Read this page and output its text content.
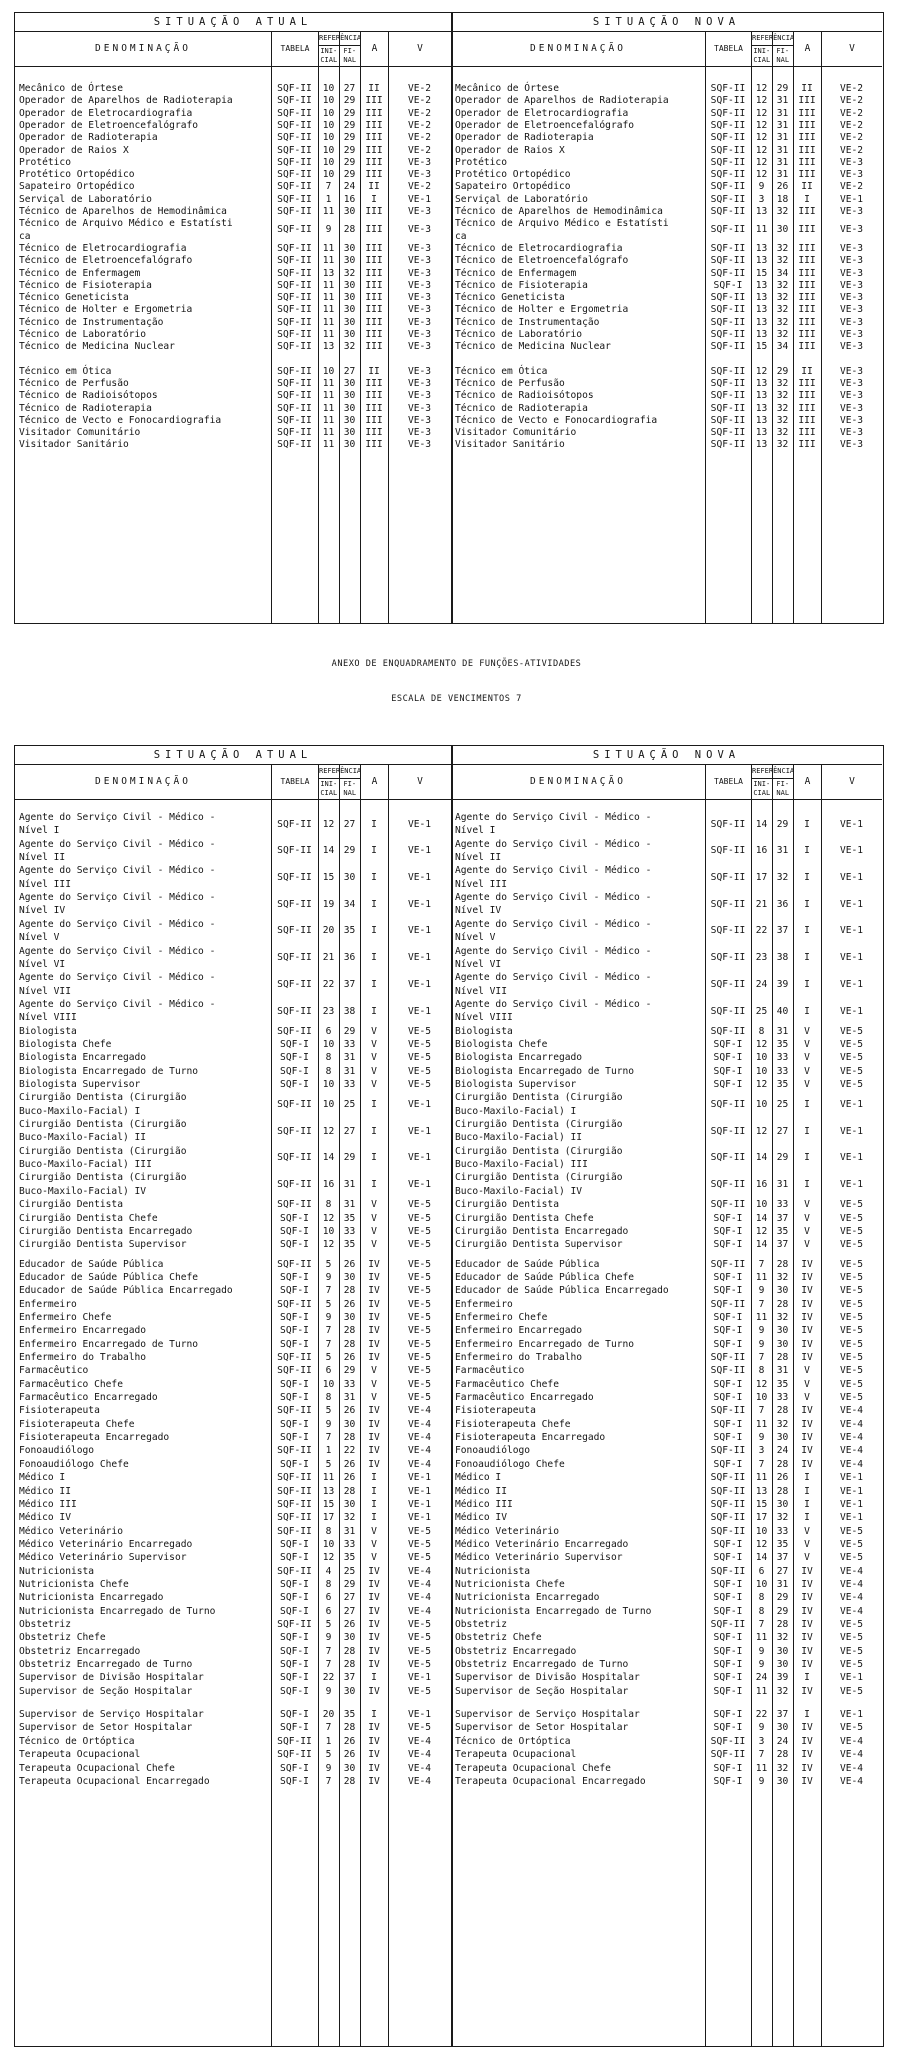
SITUAÇÃO ATUAL
DENOMINAÇÃO	TABELA
REFERÊNCIA
INI-CIAL
FI-NAL
A	V
Mecânico de Órtese	SQF-II	10 27	II	VE-2
Operador de Aparelhos de Radioterapia	SQF-II	10 29	III	VE-2
Operador de Eletrocardiografia	SQF-II	10 29	III	VE-2
Operador de Eletroencefalógrafo	SQF-II	10 29	III	VE-2
Operador de Radioterapia	SQF-II	10 29	III	VE-2
Operador de Raios X	SQF-II	10 29	III	VE-2
Protético	SQF-II	10 29	III	VE-3
Protético Ortopédico	SQF-II	10 29	III	VE-3
Sapateiro Ortopédico	SQF-II	7	24	II	VE-2
Serviçal de Laboratório	SQF-II	1	16	I	VE-1
Técnico de Aparelhos de Hemodinâmica	SQF-II	11 30	III	VE-3
Técnico de Arquivo Médico e Estatísti
ca
SQF-II	9	28	III	VE-3
Técnico de Eletrocardiografia	SQF-II	11 30	III	VE-3
Técnico de Eletroencefalógrafo	SQF-II	11 30	III	VE-3
Técnico de Enfermagem	SQF-II	13 32	III	VE-3
Técnico de Fisioterapia	SQF-II	11 30	III	VE-3
Técnico Geneticista	SQF-II	11 30	III	VE-3
Técnico de Holter e Ergometria	SQF-II	11 30	III	VE-3
Técnico de Instrumentação	SQF-II	11 30	III	VE-3
Técnico de Laboratório	SQF-II	11 30	III	VE-3
Técnico de Medicina Nuclear	SQF-II	13 32	III	VE-3
Técnico em Ótica	SQF-II	10 27	II	VE-3
Técnico de Perfusão	SQF-II	11 30	III	VE-3
Técnico de Radioisótopos	SQF-II	11 30	III	VE-3
Técnico de Radioterapia	SQF-II	11 30	III	VE-3
Técnico de Vecto e Fonocardiografia	SQF-II	11 30	III	VE-3
Visitador Comunitário	SQF-II	11 30	III	VE-3
Visitador Sanitário	SQF-II	11 30	III	VE-3
SITUAÇÃO NOVA
DENOMINAÇÃO	TABELA
REFERÊNCIA
INI-CIAL
FI-NAL
A	V
Mecânico de Órtese	SQF-II	12 29	II	VE-2
Operador de Aparelhos de Radioterapia	SQF-II	12 31	III	VE-2
Operador de Eletrocardiografia	SQF-II	12 31	III	VE-2
Operador de Eletroencefalógrafo	SQF-II	12 31	III	VE-2
Operador de Radioterapia	SQF-II	12 31	III	VE-2
Operador de Raios X	SQF-II	12 31	III	VE-2
Protético	SQF-II	12 31	III	VE-3
Protético Ortopédico	SQF-II	12 31	III	VE-3
Sapateiro Ortopédico	SQF-II	9	26	II	VE-2
Serviçal de Laboratório	SQF-II	3	18	I	VE-1
Técnico de Aparelhos de Hemodinâmica	SQF-II	13 32	III	VE-3
Técnico de Arquivo Médico e Estatísti
ca
SQF-II	11 30	III	VE-3
Técnico de Eletrocardiografia	SQF-II	13 32	III	VE-3
Técnico de Eletroencefalógrafo	SQF-II	13 32	III	VE-3
Técnico de Enfermagem	SQF-II	15 34	III	VE-3
Técnico de Fisioterapia	SQF-I	13 32	III	VE-3
Técnico Geneticista	SQF-II	13 32	III	VE-3
Técnico de Holter e Ergometria	SQF-II	13 32	III	VE-3
Técnico de Instrumentação	SQF-II	13 32	III	VE-3
Técnico de Laboratório	SQF-II	13 32	III	VE-3
Técnico de Medicina Nuclear	SQF-II	15 34	III	VE-3
Técnico em Ótica	SQF-II	12 29	II	VE-3
Técnico de Perfusão	SQF-II	13 32	III	VE-3
Técnico de Radioisótopos	SQF-II	13 32	III	VE-3
Técnico de Radioterapia	SQF-II	13 32	III	VE-3
Técnico de Vecto e Fonocardiografia	SQF-II	13 32	III	VE-3
Visitador Comunitário	SQF-II	13 32	III	VE-3
Visitador Sanitário	SQF-II	13 32	III	VE-3
ANEXO DE ENQUADRAMENTO DE FUNÇÕES-ATIVIDADES
ESCALA DE VENCIMENTOS 7
SITUAÇÃO ATUAL
DENOMINAÇÃO	TABELA
REFERÊNCIA
INI-CIAL
FI-NAL
A	V
Agente do Serviço Civil - Médico -
Nível I
SQF-II	12 27	I	VE-1
Agente do Serviço Civil - Médico -
Nível II
SQF-II	14 29	I	VE-1
Agente do Serviço Civil - Médico -
Nível III
SQF-II	15 30	I	VE-1
Agente do Serviço Civil - Médico -
Nível IV
SQF-II	19 34	I	VE-1
Agente do Serviço Civil - Médico -
Nível V
SQF-II	20 35	I	VE-1
Agente do Serviço Civil - Médico -
Nível VI
SQF-II	21 36	I	VE-1
Agente do Serviço Civil - Médico -
Nível VII
SQF-II	22 37	I	VE-1
Agente do Serviço Civil - Médico -
Nível VIII
SQF-II	23 38	I	VE-1
Biologista	SQF-II	6	29	V	VE-5
Biologista Chefe	SQF-I	10 33	V	VE-5
Biologista Encarregado	SQF-I	8	31	V	VE-5
Biologista Encarregado de Turno	SQF-I	8	31	V	VE-5
Biologista Supervisor	SQF-I	10 33	V	VE-5
Cirurgião Dentista (Cirurgião
Buco-Maxilo-Facial) I
SQF-II	10 25	I	VE-1
Cirurgião Dentista (Cirurgião
Buco-Maxilo-Facial) II
SQF-II	12 27	I	VE-1
Cirurgião Dentista (Cirurgião
Buco-Maxilo-Facial) III
SQF-II	14 29	I	VE-1
Cirurgião Dentista (Cirurgião
Buco-Maxilo-Facial) IV
SQF-II	16 31	I	VE-1
Cirurgião Dentista	SQF-II	8	31	V	VE-5
Cirurgião Dentista Chefe	SQF-I	12 35	V	VE-5
Cirurgião Dentista Encarregado	SQF-I	10 33	V	VE-5
Cirurgião Dentista Supervisor	SQF-I	12 35	V	VE-5
Educador de Saúde Pública	SQF-II	5	26	IV	VE-5
Educador de Saúde Pública Chefe	SQF-I	9	30	IV	VE-5
Educador de Saúde Pública Encarregado	SQF-I	7	28	IV	VE-5
Enfermeiro	SQF-II	5	26	IV	VE-5
Enfermeiro Chefe	SQF-I	9	30	IV	VE-5
Enfermeiro Encarregado	SQF-I	7	28	IV	VE-5
Enfermeiro Encarregado de Turno	SQF-I	7	28	IV	VE-5
Enfermeiro do Trabalho	SQF-II	5	26	IV	VE-5
Farmacêutico	SQF-II	6	29	V	VE-5
Farmacêutico Chefe	SQF-I	10 33	V	VE-5
Farmacêutico Encarregado	SQF-I	8	31	V	VE-5
Fisioterapeuta	SQF-II	5	26	IV	VE-4
Fisioterapeuta Chefe	SQF-I	9	30	IV	VE-4
Fisioterapeuta Encarregado	SQF-I	7	28	IV	VE-4
Fonoaudiólogo	SQF-II	1	22	IV	VE-4
Fonoaudiólogo Chefe	SQF-I	5	26	IV	VE-4
Médico I	SQF-II	11 26	I	VE-1
Médico II	SQF-II	13 28	I	VE-1
Médico III	SQF-II	15 30	I	VE-1
Médico IV	SQF-II	17 32	I	VE-1
Médico Veterinário	SQF-II	8	31	V	VE-5
Médico Veterinário Encarregado	SQF-I	10 33	V	VE-5
Médico Veterinário Supervisor	SQF-I	12 35	V	VE-5
Nutricionista	SQF-II	4	25	IV	VE-4
Nutricionista Chefe	SQF-I	8	29	IV	VE-4
Nutricionista Encarregado	SQF-I	6	27	IV	VE-4
Nutricionista Encarregado de Turno	SQF-I	6	27	IV	VE-4
Obstetriz	SQF-II	5	26	IV	VE-5
Obstetriz Chefe	SQF-I	9	30	IV	VE-5
Obstetriz Encarregado	SQF-I	7	28	IV	VE-5
Obstetriz Encarregado de Turno	SQF-I	7	28	IV	VE-5
Supervisor de Divisão Hospitalar	SQF-I	22 37	I	VE-1
Supervisor de Seção Hospitalar	SQF-I	9	30	IV	VE-5
Supervisor de Serviço Hospitalar	SQF-I	20 35	I	VE-1
Supervisor de Setor Hospitalar	SQF-I	7	28	IV	VE-5
Técnico de Ortóptica	SQF-II	1	26	IV	VE-4
Terapeuta Ocupacional	SQF-II	5	26	IV	VE-4
Terapeuta Ocupacional Chefe	SQF-I	9	30	IV	VE-4
Terapeuta Ocupacional Encarregado	SQF-I	7	28	IV	VE-4
SITUAÇÃO NOVA
DENOMINAÇÃO	TABELA
REFERÊNCIA
INI-CIAL
FI-NAL
A	V
Agente do Serviço Civil - Médico -
Nível I
SQF-II	14 29	I	VE-1
Agente do Serviço Civil - Médico -
Nível II
SQF-II	16 31	I	VE-1
Agente do Serviço Civil - Médico -
Nível III
SQF-II	17 32	I	VE-1
Agente do Serviço Civil - Médico -
Nível IV
SQF-II	21 36	I	VE-1
Agente do Serviço Civil - Médico -
Nível V
SQF-II	22 37	I	VE-1
Agente do Serviço Civil - Médico -
Nível VI
SQF-II	23 38	I	VE-1
Agente do Serviço Civil - Médico -
Nível VII
SQF-II	24 39	I	VE-1
Agente do Serviço Civil - Médico -
Nível VIII
SQF-II	25 40	I	VE-1
Biologista	SQF-II	8	31	V	VE-5
Biologista Chefe	SQF-I	12 35	V	VE-5
Biologista Encarregado	SQF-I	10 33	V	VE-5
Biologista Encarregado de Turno	SQF-I	10 33	V	VE-5
Biologista Supervisor	SQF-I	12 35	V	VE-5
Cirurgião Dentista (Cirurgião
Buco-Maxilo-Facial) I
SQF-II	10 25	I	VE-1
Cirurgião Dentista (Cirurgião
Buco-Maxilo-Facial) II
SQF-II	12 27	I	VE-1
Cirurgião Dentista (Cirurgião
Buco-Maxilo-Facial) III
SQF-II	14 29	I	VE-1
Cirurgião Dentista (Cirurgião
Buco-Maxilo-Facial) IV
SQF-II	16 31	I	VE-1
Cirurgião Dentista	SQF-II	10 33	V	VE-5
Cirurgião Dentista Chefe	SQF-I	14 37	V	VE-5
Cirurgião Dentista Encarregado	SQF-I	12 35	V	VE-5
Cirurgião Dentista Supervisor	SQF-I	14 37	V	VE-5
Educador de Saúde Pública	SQF-II	7	28	IV	VE-5
Educador de Saúde Pública Chefe	SQF-I	11 32	IV	VE-5
Educador de Saúde Pública Encarregado	SQF-I	9	30	IV	VE-5
Enfermeiro	SQF-II	7	28	IV	VE-5
Enfermeiro Chefe	SQF-I	11 32	IV	VE-5
Enfermeiro Encarregado	SQF-I	9	30	IV	VE-5
Enfermeiro Encarregado de Turno	SQF-I	9	30	IV	VE-5
Enfermeiro do Trabalho	SQF-II	7	28	IV	VE-5
Farmacêutico	SQF-II	8	31	V	VE-5
Farmacêutico Chefe	SQF-I	12 35	V	VE-5
Farmacêutico Encarregado	SQF-I	10 33	V	VE-5
Fisioterapeuta	SQF-II	7	28	IV	VE-4
Fisioterapeuta Chefe	SQF-I	11 32	IV	VE-4
Fisioterapeuta Encarregado	SQF-I	9	30	IV	VE-4
Fonoaudiólogo	SQF-II	3	24	IV	VE-4
Fonoaudiólogo Chefe	SQF-I	7	28	IV	VE-4
Médico I	SQF-II	11 26	I	VE-1
Médico II	SQF-II	13 28	I	VE-1
Médico III	SQF-II	15 30	I	VE-1
Médico IV	SQF-II	17 32	I	VE-1
Médico Veterinário	SQF-II	10 33	V	VE-5
Médico Veterinário Encarregado	SQF-I	12 35	V	VE-5
Médico Veterinário Supervisor	SQF-I	14 37	V	VE-5
Nutricionista	SQF-II	6	27	IV	VE-4
Nutricionista Chefe	SQF-I	10 31	IV	VE-4
Nutricionista Encarregado	SQF-I	8	29	IV	VE-4
Nutricionista Encarregado de Turno	SQF-I	8	29	IV	VE-4
Obstetriz	SQF-II	7	28	IV	VE-5
Obstetriz Chefe	SQF-I	11 32	IV	VE-5
Obstetriz Encarregado	SQF-I	9	30	IV	VE-5
Obstetriz Encarregado de Turno	SQF-I	9	30	IV	VE-5
Supervisor de Divisão Hospitalar	SQF-I	24 39	I	VE-1
Supervisor de Seção Hospitalar	SQF-I	11 32	IV	VE-5
Supervisor de Serviço Hospitalar	SQF-I	22 37	I	VE-1
Supervisor de Setor Hospitalar	SQF-I	9	30	IV	VE-5
Técnico de Ortóptica	SQF-II	3	24	IV	VE-4
Terapeuta Ocupacional	SQF-II	7	28	IV	VE-4
Terapeuta Ocupacional Chefe	SQF-I	11 32	IV	VE-4
Terapeuta Ocupacional Encarregado	SQF-I	9	30	IV	VE-4
